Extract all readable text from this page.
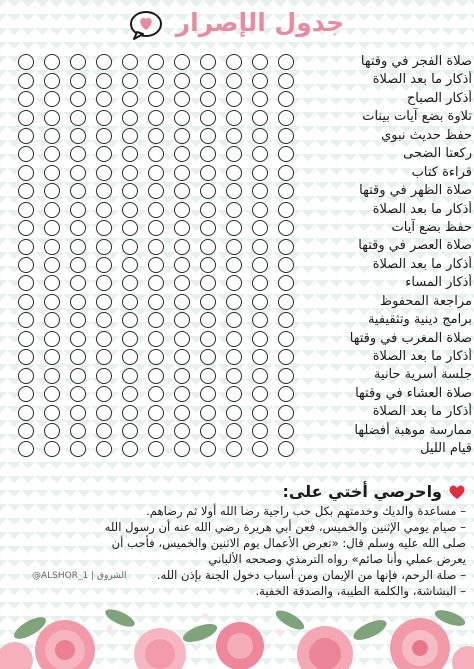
جدول الإصرار
صلاة الفجر في وقتها
أذكار ما بعد الصلاة
أذكار الصباح
تلاوة بضع آيات بينات
حفظ حديث نبوي
ركعتا الضحى
قراءة كتاب
صلاة الظهر في وقتها
أذكار ما بعد الصلاة
حفظ بضع آيات
صلاة العصر في وقتها
أذكار ما بعد الصلاة
أذكار المساء
مراجعة المحفوظ
برامج دينية وتثقيفية
صلاة المغرب في وقتها
أذكار ما بعد الصلاة
جلسة أسرية حانية
صلاة العشاء في وقتها
أذكار ما بعد الصلاة
ممارسة موهبة أفضلها
قيام الليل
واحرصي أختي على:

– مساعدة والديك وخدمتهم بكل حب راجية رضا الله أولا ثم رضاهم.

– صيام يومي الإثنين والخميس، فعن أبي هريرة رضي الله عنه أن رسول الله

صلى الله عليه وسلم قال: «تعرض الأعمال يوم الاثنين والخميس، فأحب أن

يعرض عملي وأنا صائم» رواه الترمذي وصححه الألباني

– صلة الرحم، فإنها من الإيمان ومن أسباب دخول الجنة بإذن الله.

– البشاشة، والكلمة الطيبة، والصدقة الخفية.

@ALSHOR_1 | الشروق
